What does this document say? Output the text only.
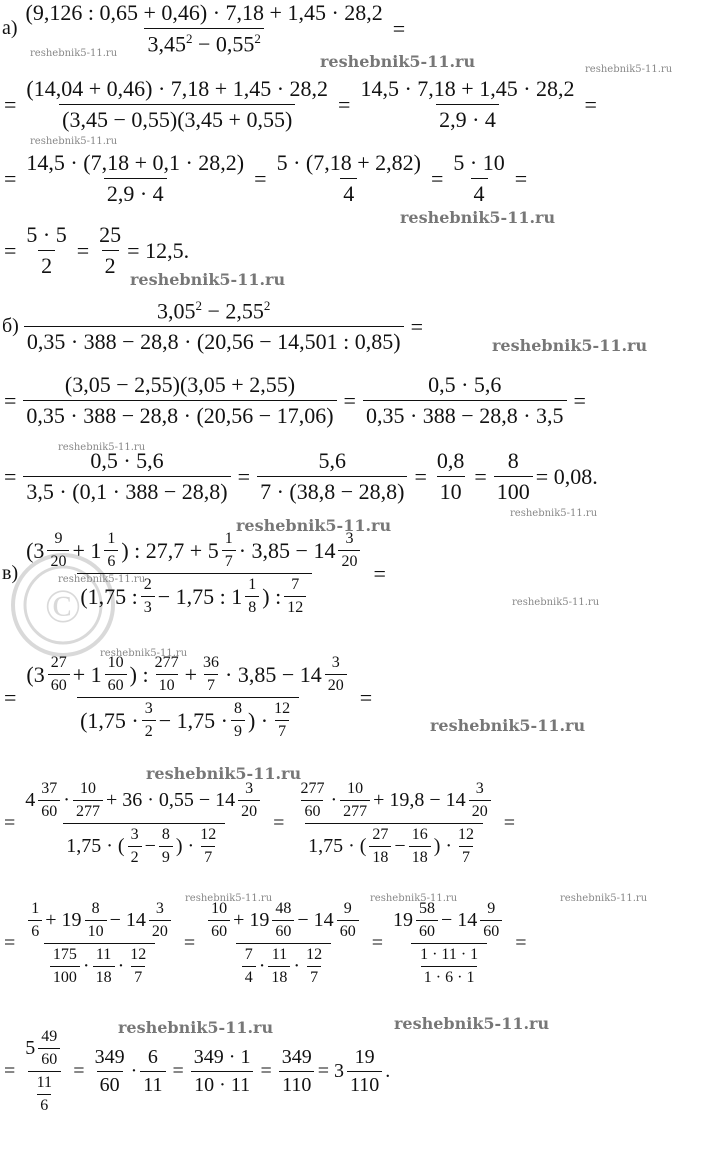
©
$а) \frac{(9,126 : 0,65 + 0,46) \cdot 7,18 + 1,45 \cdot 28,2}{3,45^2 - 0,55^2}$ =
= $\frac{(14,04 + 0,46) \cdot 7,18 + 1,45 \cdot 28,2}{(3,45 - 0,55)(3,45 + 0,55)} = \frac{14,5 \cdot 7,18 + 1,45 \cdot 28,2}{2,9 \cdot 4}$ =
= $\frac{14,5 \cdot (7,18 + 0,1 \cdot 28,2)}{2,9 \cdot 4} = \frac{5 \cdot (7,18 + 2,82)}{4} = \frac{5 \cdot 10}{4}$ =
= $\frac{5 \cdot 5}{2} = \frac{25}{2} = 12,5$.
$б) \frac{3,05^2 - 2,55^2}{0,35 \cdot 388 - 28,8 \cdot (20,56 - 14,501 : 0,85)}$ =
= $\frac{(3,05 - 2,55)(3,05 + 2,55)}{0,35 \cdot 388 - 28,8 \cdot (20,56 - 17,06)} = \frac{0,5 \cdot 5,6}{0,35 \cdot 388 - 28,8 \cdot 3,5}$ =
= $\frac{0,5 \cdot 5,6}{3,5 \cdot (0,1 \cdot 388 - 28,8)} = \frac{5,6}{7 \cdot (38,8 - 28,8)} = \frac{0,8}{10} = \frac{8}{100} = 0,08$.
в)
($3 \frac{9}{20} + 1 \frac{1}{6}$ ) : $27,7 + 5 \frac{1}{7} \cdot 3,85 - 14 \frac{3}{20}$
(1,75 : $\frac{2}{3} - 1,75$ : $1 \frac{1}{8}$ ) : $\frac{7}{12}$
=
=
($3 \frac{27}{60} + 1 \frac{10}{60}$ ) : $\frac{277}{10} + \frac{36}{7} \cdot 3,85 - 14 \frac{3}{20}$
($1,75 \cdot \frac{3}{2} - 1,75 \cdot \frac{8}{9}$ ) · $\frac{12}{7}$
=
=
$4 \frac{37}{60} \cdot \frac{10}{277} + 36 \cdot 0,55 - 14 \frac{3}{20}$
1,75 · ( $\frac{3}{2} - \frac{8}{9}$ ) · $\frac{12}{7}$
= $\frac{\frac{277}{60} \cdot \frac{10}{277} + 19,8 - 14 \frac{3}{20}}{1,75 \cdot ( \frac{27}{18} - \frac{16}{18} ) \cdot \frac{12}{7}}$ =
= $\frac{\frac{1}{6} + 19 \frac{8}{10} - 14 \frac{3}{20}}{\frac{175}{100} \cdot \frac{11}{18} \cdot \frac{12}{7}} = \frac{\frac{10}{60} + 19 \frac{48}{60} - 14 \frac{9}{60}}{\frac{7}{4} \cdot \frac{11}{18} \cdot \frac{12}{7}} = \frac{19 \frac{58}{60} - 14 \frac{9}{60}}{\frac{1 \cdot 11 \cdot 1}{1 \cdot 6 \cdot 1}}$ =
= $\frac{5 \frac{49}{60}}{\frac{11}{6}} = \frac{349}{60} \cdot \frac{6}{11} = \frac{349 \cdot 1}{10 \cdot 11} = \frac{349}{110} = 3 \frac{19}{110}$ .
reshebnik5-11.ru	reshebnik5-11.ru	reshebnik5-11.ru
reshebnik5-11.ru
reshebnik5-11.ru
reshebnik5-11.ru
reshebnik5-11.ru
reshebnik5-11.ru
reshebnik5-11.ru
reshebnik5-11.ru
reshebnik5-11.ru
reshebnik5-11.ru
reshebnik5-11.ru
reshebnik5-11.ru
reshebnik5-11.ru
reshebnik5-11.ru	reshebnik5-11.ru	reshebnik5-11.ru
reshebnik5-11.ru
reshebnik5-11.ru
